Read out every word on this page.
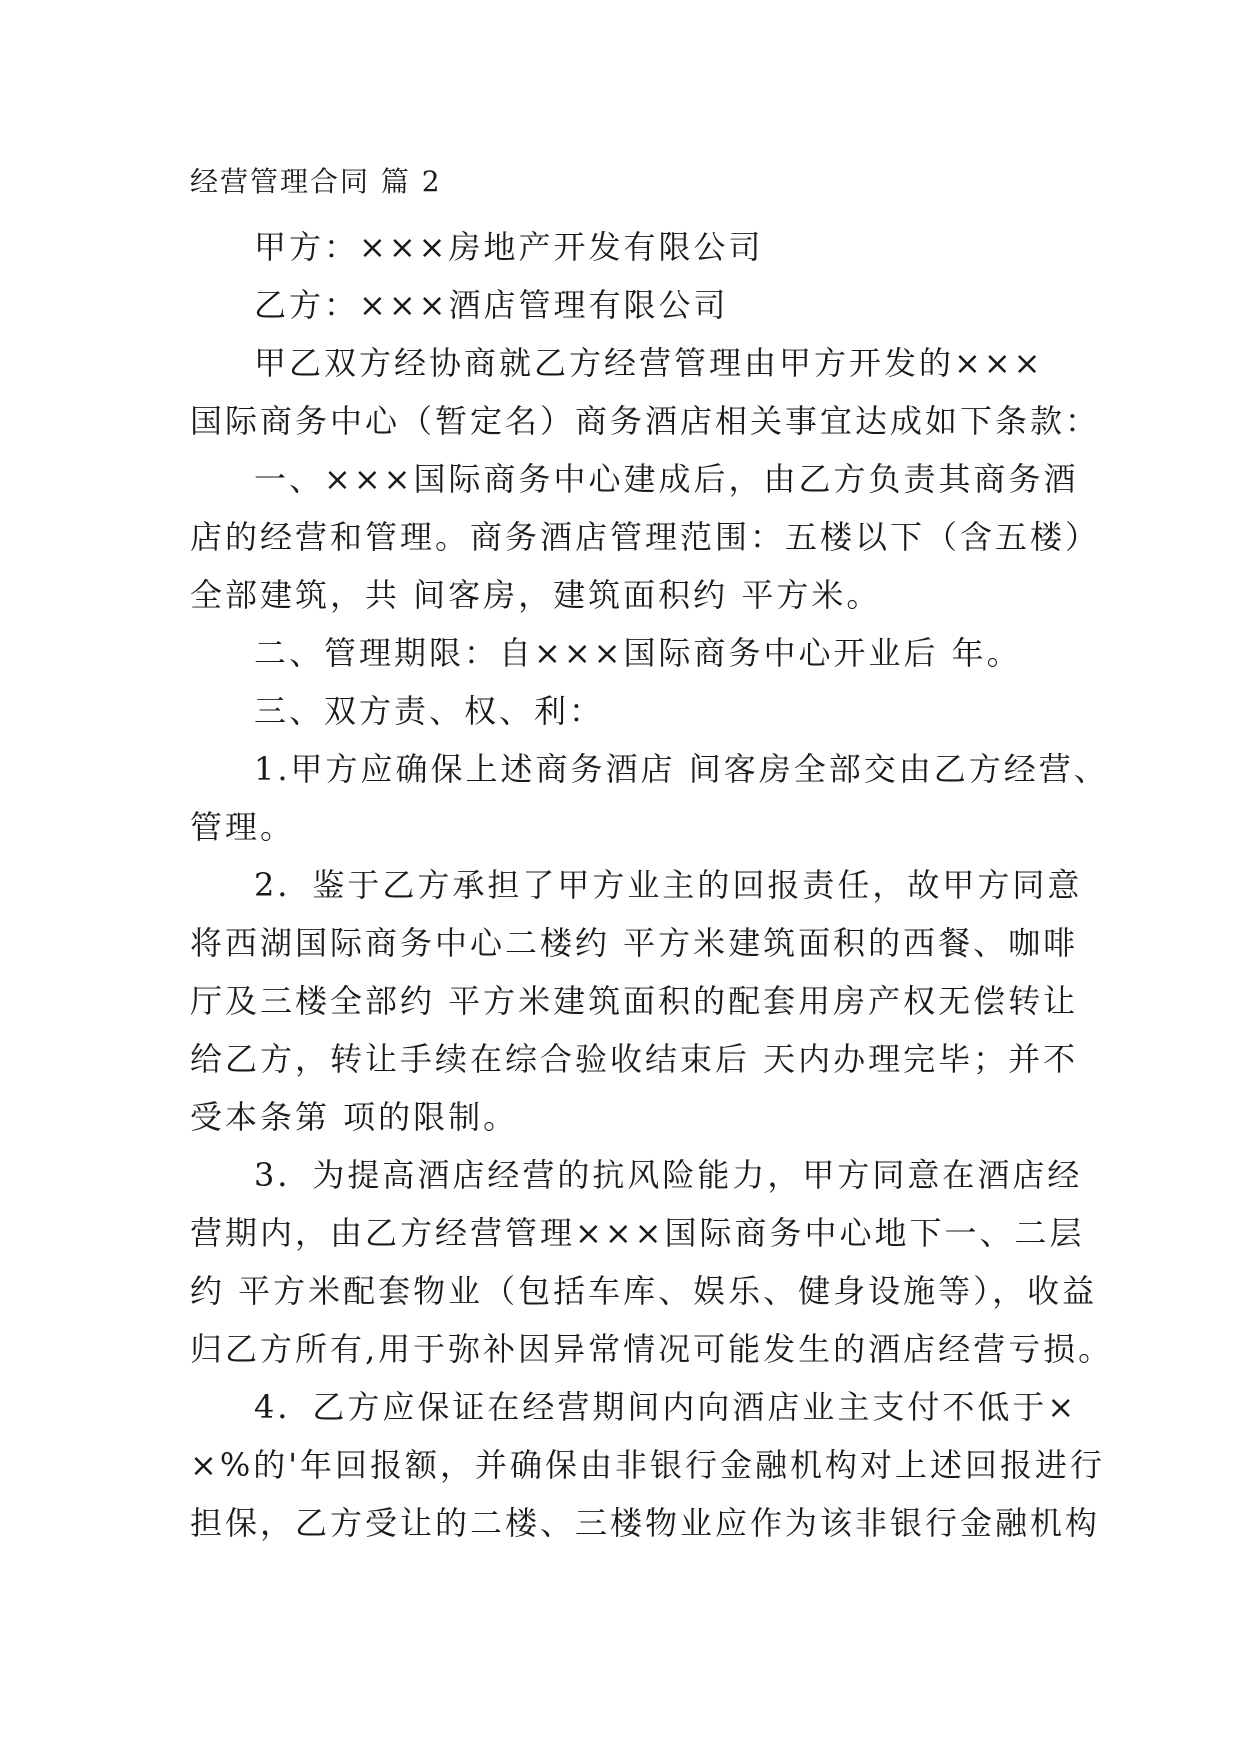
经营管理合同 篇 2
甲方：×××房地产开发有限公司
乙方：×××酒店管理有限公司
甲乙双方经协商就乙方经营管理由甲方开发的×××
国际商务中心（暂定名）商务酒店相关事宜达成如下条款：
一、×××国际商务中心建成后，由乙方负责其商务酒
店的经营和管理。商务酒店管理范围：五楼以下（含五楼）
全部建筑，共 间客房，建筑面积约 平方米。
二、管理期限：自×××国际商务中心开业后 年。
三、双方责、权、利：
1.甲方应确保上述商务酒店 间客房全部交由乙方经营、
管理。
2．鉴于乙方承担了甲方业主的回报责任，故甲方同意
将西湖国际商务中心二楼约 平方米建筑面积的西餐、咖啡
厅及三楼全部约 平方米建筑面积的配套用房产权无偿转让
给乙方，转让手续在综合验收结束后 天内办理完毕；并不
受本条第 项的限制。
3．为提高酒店经营的抗风险能力，甲方同意在酒店经
营期内，由乙方经营管理×××国际商务中心地下一、二层
约 平方米配套物业（包括车库、娱乐、健身设施等），收益
归乙方所有,用于弥补因异常情况可能发生的酒店经营亏损。
4．乙方应保证在经营期间内向酒店业主支付不低于×
×%的'年回报额，并确保由非银行金融机构对上述回报进行
担保，乙方受让的二楼、三楼物业应作为该非银行金融机构
